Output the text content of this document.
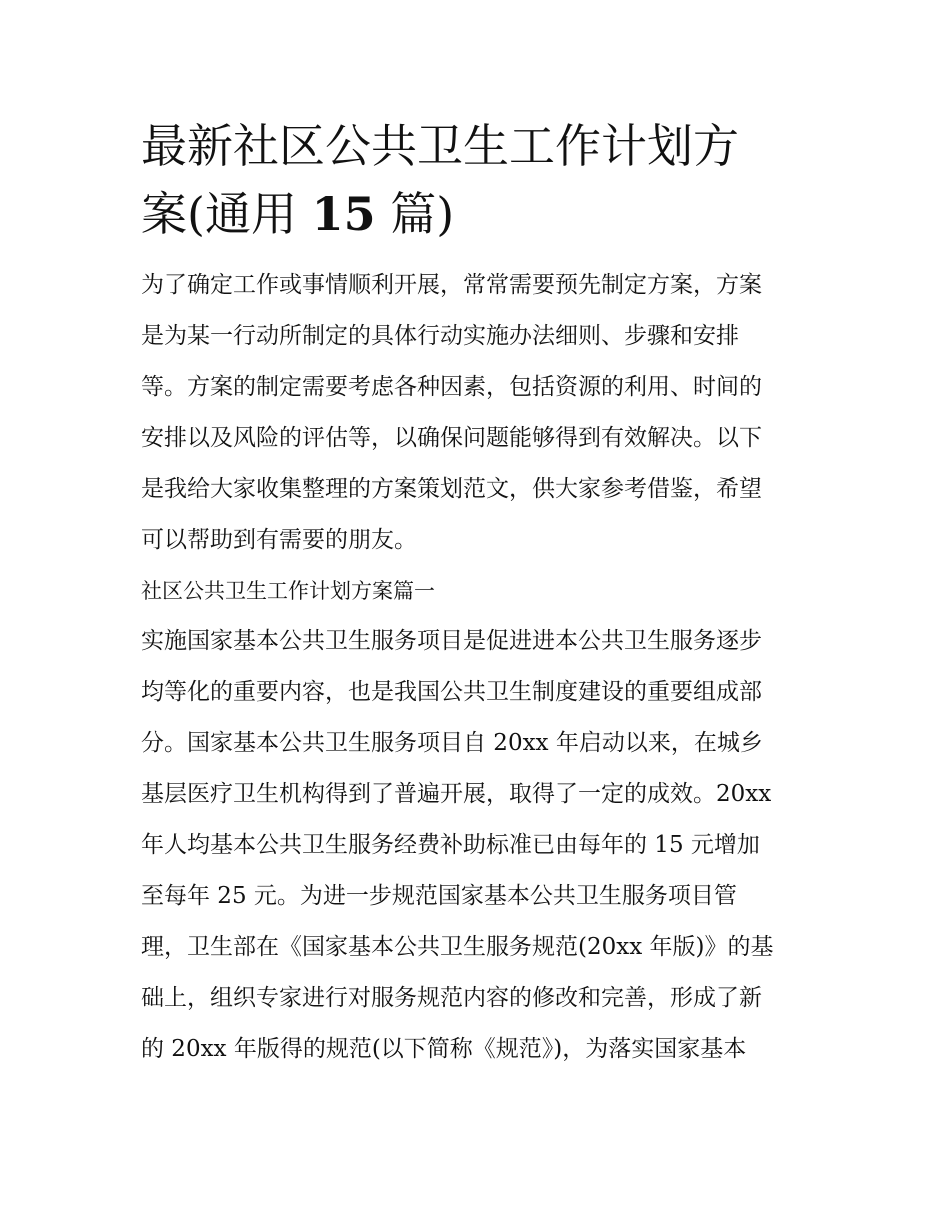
最新社区公共卫生工作计划方
案(通用 15 篇)
为了确定工作或事情顺利开展，常常需要预先制定方案，方案
是为某一行动所制定的具体行动实施办法细则、步骤和安排
等。方案的制定需要考虑各种因素，包括资源的利用、时间的
安排以及风险的评估等，以确保问题能够得到有效解决。以下
是我给大家收集整理的方案策划范文，供大家参考借鉴，希望
可以帮助到有需要的朋友。
社区公共卫生工作计划方案篇一
实施国家基本公共卫生服务项目是促进进本公共卫生服务逐步
均等化的重要内容，也是我国公共卫生制度建设的重要组成部
分。国家基本公共卫生服务项目自 20xx 年启动以来，在城乡
基层医疗卫生机构得到了普遍开展，取得了一定的成效。20xx
年人均基本公共卫生服务经费补助标准已由每年的 15 元增加
至每年 25 元。为进一步规范国家基本公共卫生服务项目管
理，卫生部在《国家基本公共卫生服务规范(20xx 年版)》的基
础上，组织专家进行对服务规范内容的修改和完善，形成了新
的 20xx 年版得的规范(以下简称《规范》)，为落实国家基本
